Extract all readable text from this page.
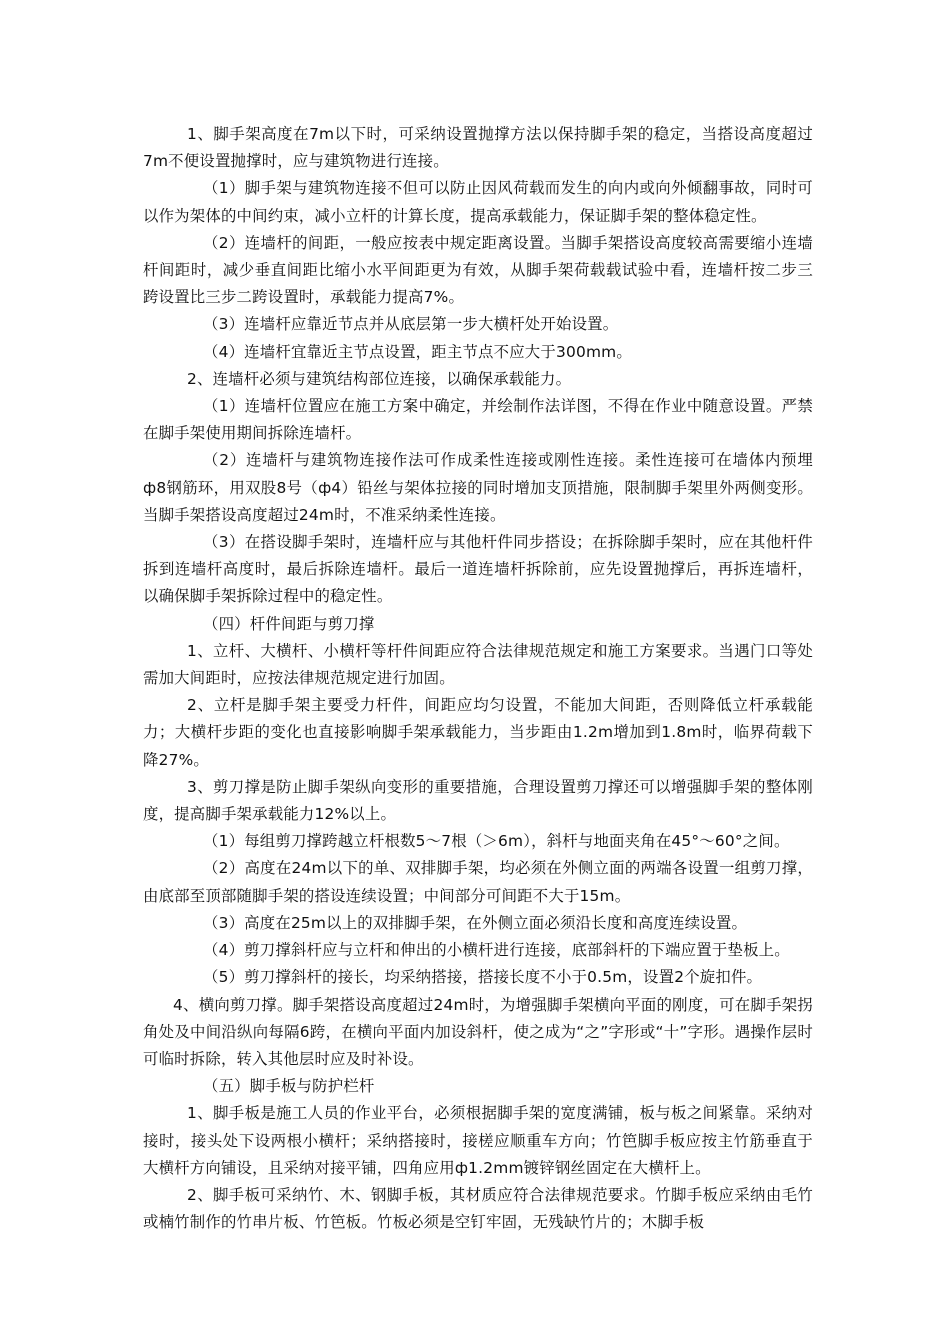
1、脚手架高度在7m以下时，可采纳设置抛撑方法以保持脚手架的稳定，当搭设高度超过7m不便设置抛撑时，应与建筑物进行连接。

（1）脚手架与建筑物连接不但可以防止因风荷载而发生的向内或向外倾翻事故，同时可以作为架体的中间约束，减小立杆的计算长度，提高承载能力，保证脚手架的整体稳定性。

（2）连墙杆的间距，一般应按表中规定距离设置。当脚手架搭设高度较高需要缩小连墙杆间距时，减少垂直间距比缩小水平间距更为有效，从脚手架荷载载试验中看，连墙杆按二步三跨设置比三步二跨设置时，承载能力提高7%。

（3）连墙杆应靠近节点并从底层第一步大横杆处开始设置。

（4）连墙杆宜靠近主节点设置，距主节点不应大于300mm。

2、连墙杆必须与建筑结构部位连接，以确保承载能力。

（1）连墙杆位置应在施工方案中确定，并绘制作法详图，不得在作业中随意设置。严禁在脚手架使用期间拆除连墙杆。

（2）连墙杆与建筑物连接作法可作成柔性连接或刚性连接。柔性连接可在墙体内预埋ф8钢筋环，用双股8号（ф4）铅丝与架体拉接的同时增加支顶措施，限制脚手架里外两侧变形。当脚手架搭设高度超过24m时，不准采纳柔性连接。

（3）在搭设脚手架时，连墙杆应与其他杆件同步搭设；在拆除脚手架时，应在其他杆件拆到连墙杆高度时，最后拆除连墙杆。最后一道连墙杆拆除前，应先设置抛撑后，再拆连墙杆，以确保脚手架拆除过程中的稳定性。

（四）杆件间距与剪刀撑

1、立杆、大横杆、小横杆等杆件间距应符合法律规范规定和施工方案要求。当遇门口等处需加大间距时，应按法律规范规定进行加固。

2、立杆是脚手架主要受力杆件，间距应均匀设置，不能加大间距，否则降低立杆承载能力；大横杆步距的变化也直接影响脚手架承载能力，当步距由1.2m增加到1.8m时，临界荷载下降27%。

3、剪刀撑是防止脚手架纵向变形的重要措施，合理设置剪刀撑还可以增强脚手架的整体刚度，提高脚手架承载能力12%以上。

（1）每组剪刀撑跨越立杆根数5～7根（＞6m），斜杆与地面夹角在45°～60°之间。

（2）高度在24m以下的单、双排脚手架，均必须在外侧立面的两端各设置一组剪刀撑，由底部至顶部随脚手架的搭设连续设置；中间部分可间距不大于15m。

（3）高度在25m以上的双排脚手架，在外侧立面必须沿长度和高度连续设置。

（4）剪刀撑斜杆应与立杆和伸出的小横杆进行连接，底部斜杆的下端应置于垫板上。

（5）剪刀撑斜杆的接长，均采纳搭接，搭接长度不小于0.5m，设置2个旋扣件。

4、横向剪刀撑。脚手架搭设高度超过24m时，为增强脚手架横向平面的刚度，可在脚手架拐角处及中间沿纵向每隔6跨，在横向平面内加设斜杆，使之成为“之”字形或“十”字形。遇操作层时可临时拆除，转入其他层时应及时补设。

（五）脚手板与防护栏杆

1、脚手板是施工人员的作业平台，必须根据脚手架的宽度满铺，板与板之间紧靠。采纳对接时，接头处下设两根小横杆；采纳搭接时，接槎应顺重车方向；竹笆脚手板应按主竹筋垂直于大横杆方向铺设，且采纳对接平铺，四角应用ф1.2mm镀锌钢丝固定在大横杆上。

2、脚手板可采纳竹、木、钢脚手板，其材质应符合法律规范要求。竹脚手板应采纳由毛竹或楠竹制作的竹串片板、竹笆板。竹板必须是空钉牢固，无残缺竹片的；木脚手板
